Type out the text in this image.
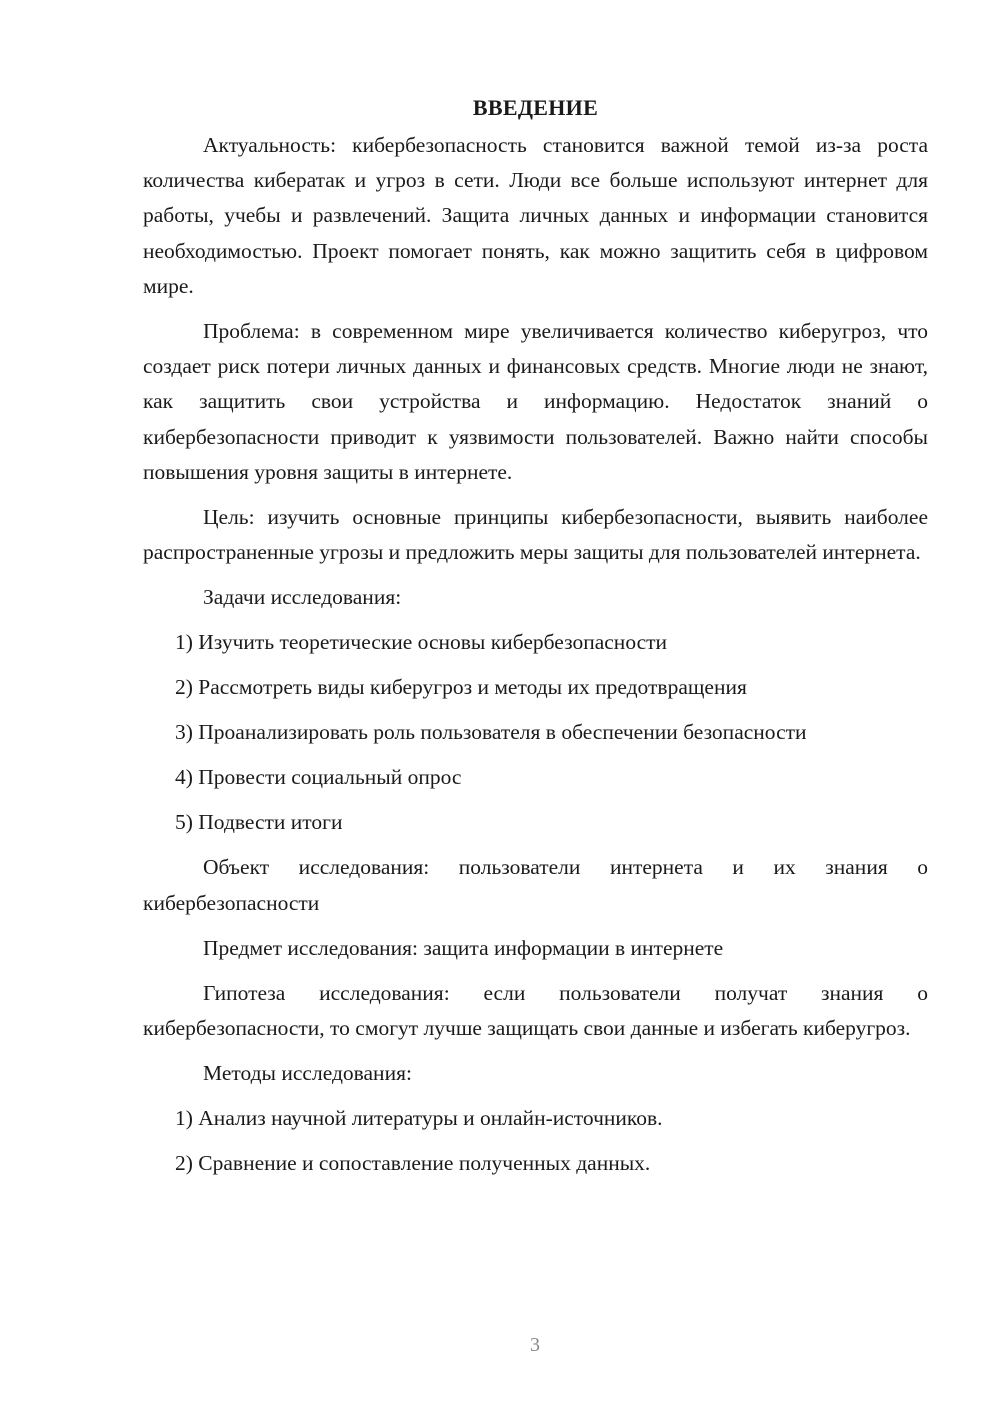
ВВЕДЕНИЕ

Актуальность: кибербезопасность становится важной темой из-за роста количества кибератак и угроз в сети. Люди все больше используют интернет для работы, учебы и развлечений. Защита личных данных и информации становится необходимостью. Проект помогает понять, как можно защитить себя в цифровом мире.

Проблема: в современном мире увеличивается количество киберугроз, что создает риск потери личных данных и финансовых средств. Многие люди не знают, как защитить свои устройства и информацию. Недостаток знаний о кибербезопасности приводит к уязвимости пользователей. Важно найти способы повышения уровня защиты в интернете.

Цель: изучить основные принципы кибербезопасности, выявить наиболее распространенные угрозы и предложить меры защиты для пользователей интернета.

Задачи исследования:

1) Изучить теоретические основы кибербезопасности

2) Рассмотреть виды киберугроз и методы их предотвращения

3) Проанализировать роль пользователя в обеспечении безопасности

4) Провести социальный опрос

5) Подвести итоги

Объект исследования: пользователи интернета и их знания о кибербезопасности

Предмет исследования: защита информации в интернете

Гипотеза исследования: если пользователи получат знания о кибербезопасности, то смогут лучше защищать свои данные и избегать киберугроз.

Методы исследования:

1) Анализ научной литературы и онлайн-источников.

2) Сравнение и сопоставление полученных данных.

3
